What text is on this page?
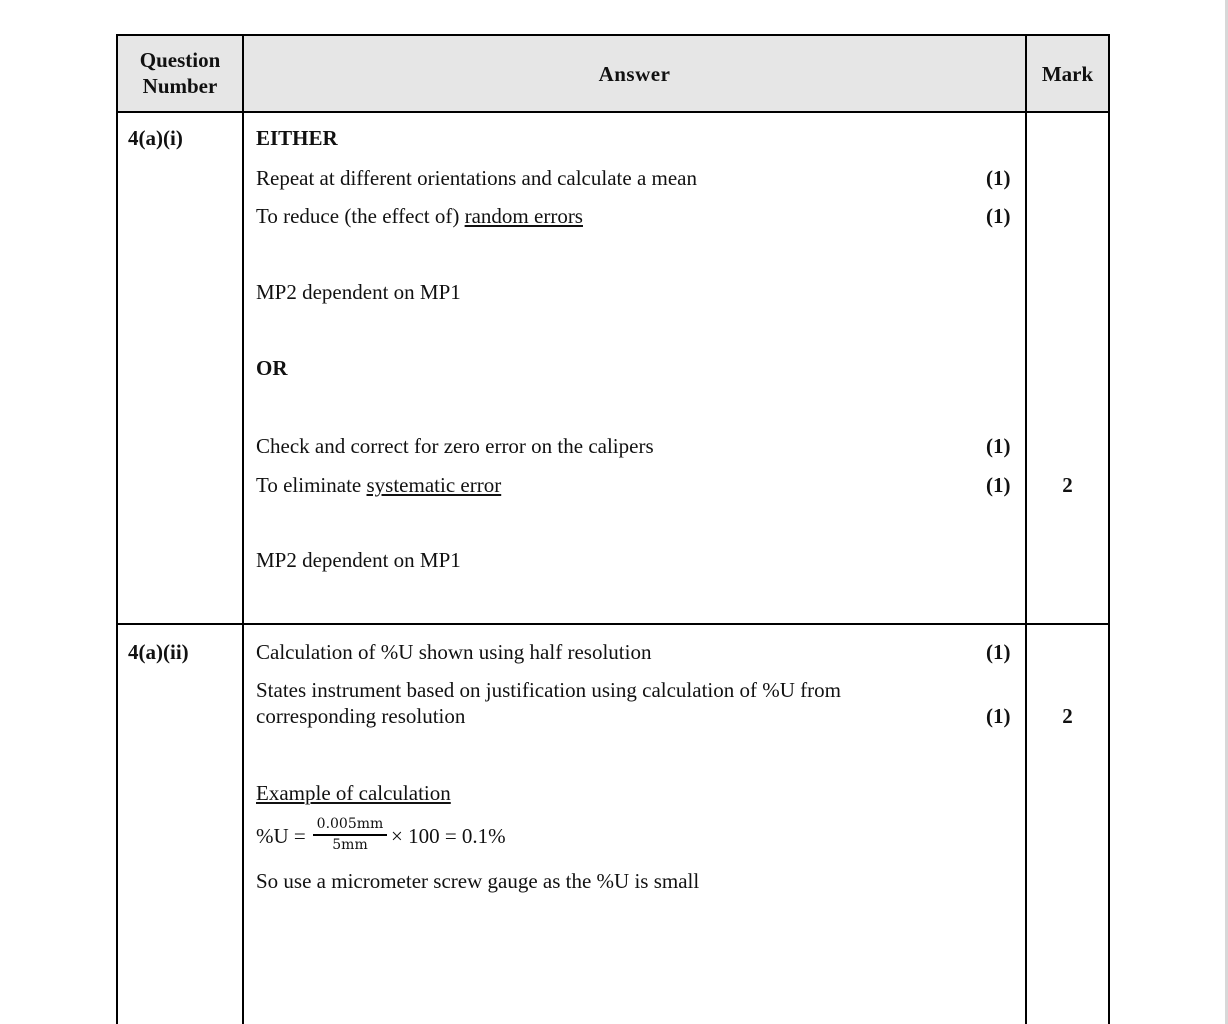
Question
Number	Answer	Mark
4(a)(i)	EITHER
Repeat at different orientations and calculate a mean	(1)
To reduce (the effect of) random errors	(1)
MP2 dependent on MP1
OR
Check and correct for zero error on the calipers	(1)
To eliminate systematic error	(1)	2
MP2 dependent on MP1
4(a)(ii)	Calculation of %U shown using half resolution	(1)
States instrument based on justification using calculation of %U from
corresponding resolution	(1)	2
Example of calculation
$\%U = \frac{0.005mm}{5mm} \times 100 = 0.1\%$
So use a micrometer screw gauge as the %U is small
